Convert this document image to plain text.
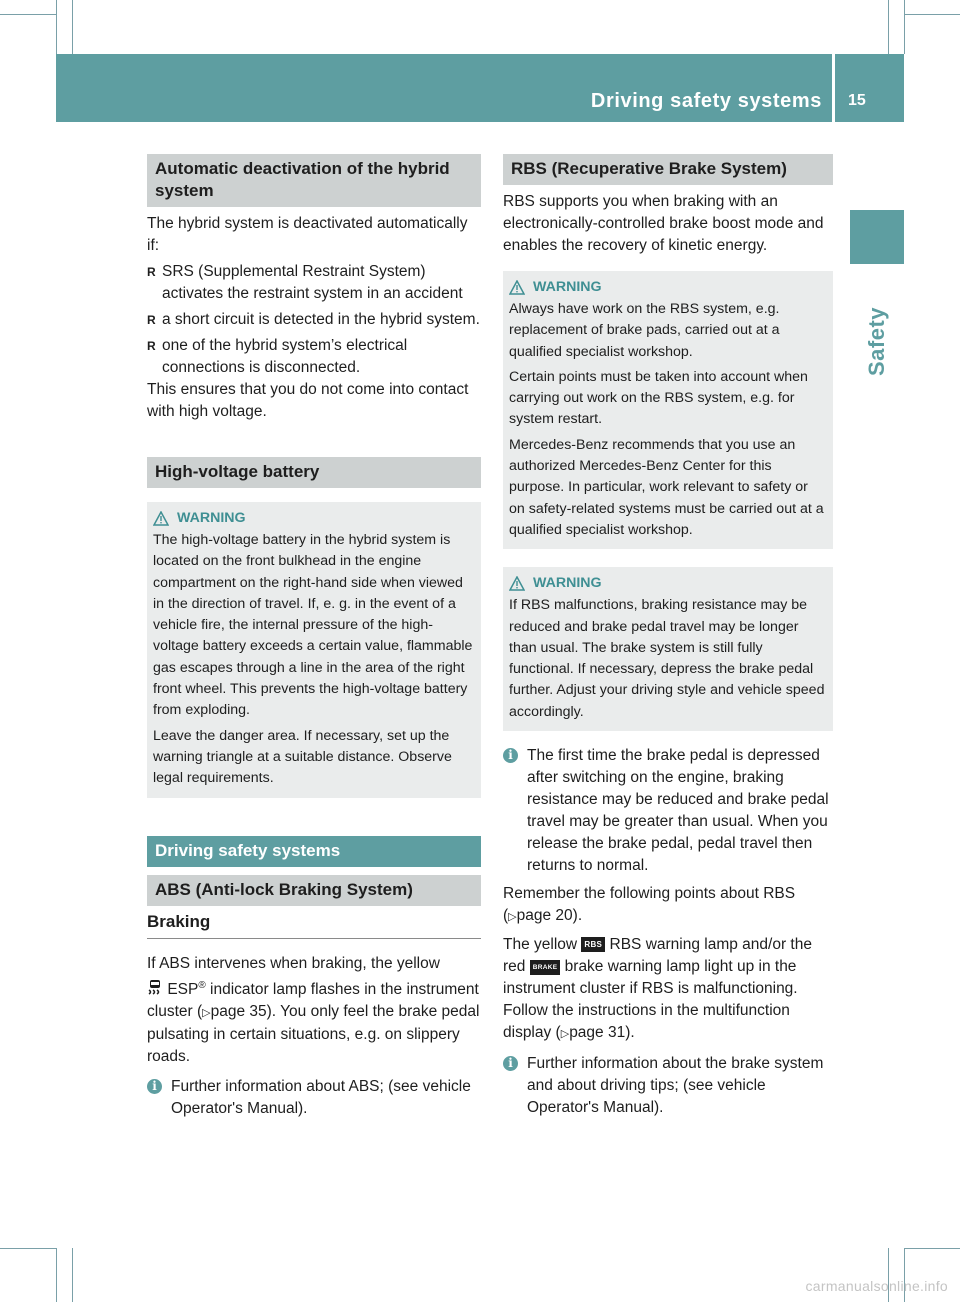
Driving safety systems 15
Safety
Automatic deactivation of the hybrid system

The hybrid system is deactivated automatically if:

R SRS (Supplemental Restraint System) activates the restraint system in an accident
R a short circuit is detected in the hybrid system.
R one of the hybrid system’s electrical connections is disconnected.

This ensures that you do not come into contact with high voltage.

High-voltage battery
WARNING

The high-voltage battery in the hybrid system is located on the front bulkhead in the engine compartment on the right-hand side when viewed in the direction of travel. If, e. g. in the event of a vehicle fire, the internal pressure of the high-voltage battery exceeds a certain value, flammable gas escapes through a line in the area of the right front wheel. This prevents the high-voltage battery from exploding.

Leave the danger area. If necessary, set up the warning triangle at a suitable distance. Observe legal requirements.

Driving safety systems
ABS (Anti-lock Braking System)
Braking

If ABS intervenes when braking, the yellow
ESP® indicator lamp flashes in the instrument cluster (▷page 35). You only feel the brake pedal pulsating in certain situations, e.g. on slippery roads.

i Further information about ABS; (see vehicle Operator's Manual).
RBS (Recuperative Brake System)

RBS supports you when braking with an electronically-controlled brake boost mode and enables the recovery of kinetic energy.

WARNING

Always have work on the RBS system, e.g. replacement of brake pads, carried out at a qualified specialist workshop.

Certain points must be taken into account when carrying out work on the RBS system, e.g. for system restart.

Mercedes-Benz recommends that you use an authorized Mercedes-Benz Center for this purpose. In particular, work relevant to safety or on safety-related systems must be carried out at a qualified specialist workshop.

WARNING

If RBS malfunctions, braking resistance may be reduced and brake pedal travel may be longer than usual. The brake system is still fully functional. If necessary, depress the brake pedal further. Adjust your driving style and vehicle speed accordingly.

i The first time the brake pedal is depressed after switching on the engine, braking resistance may be reduced and brake pedal travel may be greater than usual. When you release the brake pedal, pedal travel then returns to normal.

Remember the following points about RBS (▷page 20).

The yellow RBS RBS warning lamp and/or the red BRAKE brake warning lamp light up in the instrument cluster if RBS is malfunctioning. Follow the instructions in the multifunction display (▷page 31).

i Further information about the brake system and about driving tips; (see vehicle Operator's Manual).
carmanualsonline.info
